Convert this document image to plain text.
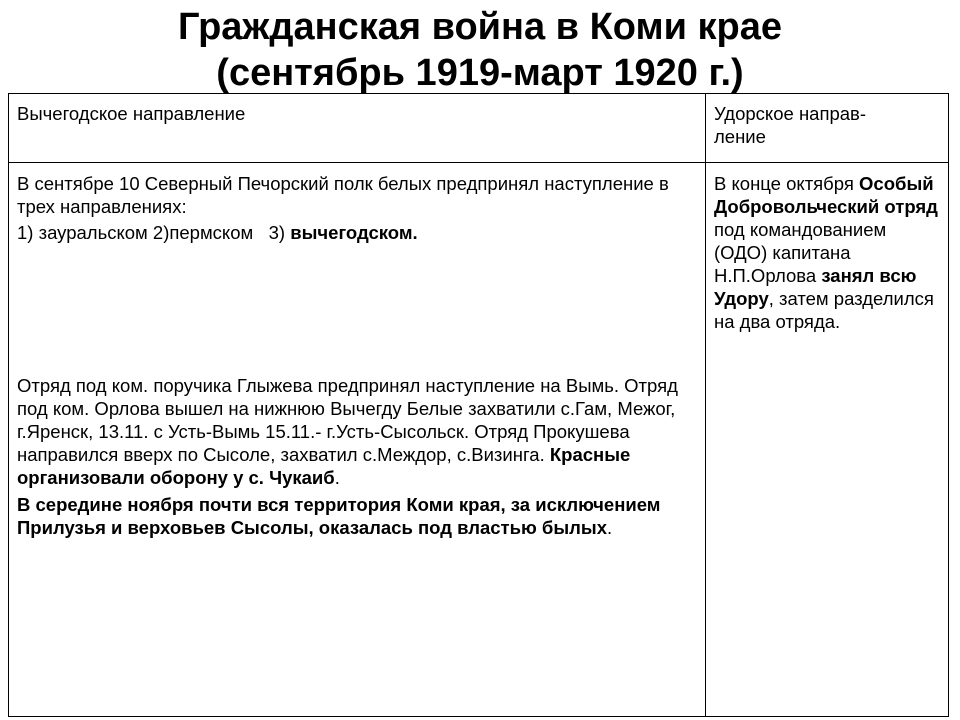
Гражданская война в Коми крае
(сентябрь 1919-март 1920 г.)
Вычегодское направление	Удорское направ-
ление

В сентябре 10 Северный Печорский полк белых предпринял наступление в трех направлениях:

1) зауральском 2)пермском   3) вычегодском.

Отряд под ком. поручика Глыжева предпринял наступление на Вымь. Отряд под ком. Орлова вышел на нижнюю Вычегду Белые захватили с.Гам, Межог, г.Яренск, 13.11. с Усть-Вымь 15.11.- г.Усть-Сысольск. Отряд Прокушева направился вверх по Сысоле, захватил с.Междор, с.Визинга. Красные организовали оборону у с. Чукаиб.

В середине ноября почти вся территория Коми края, за исключением Прилузья и верховьев Сысолы, оказалась под властью былых.	В конце октября Особый Добровольческий отряд под командованием (ОДО) капитана Н.П.Орлова занял всю Удору, затем разделился на два отряда.
